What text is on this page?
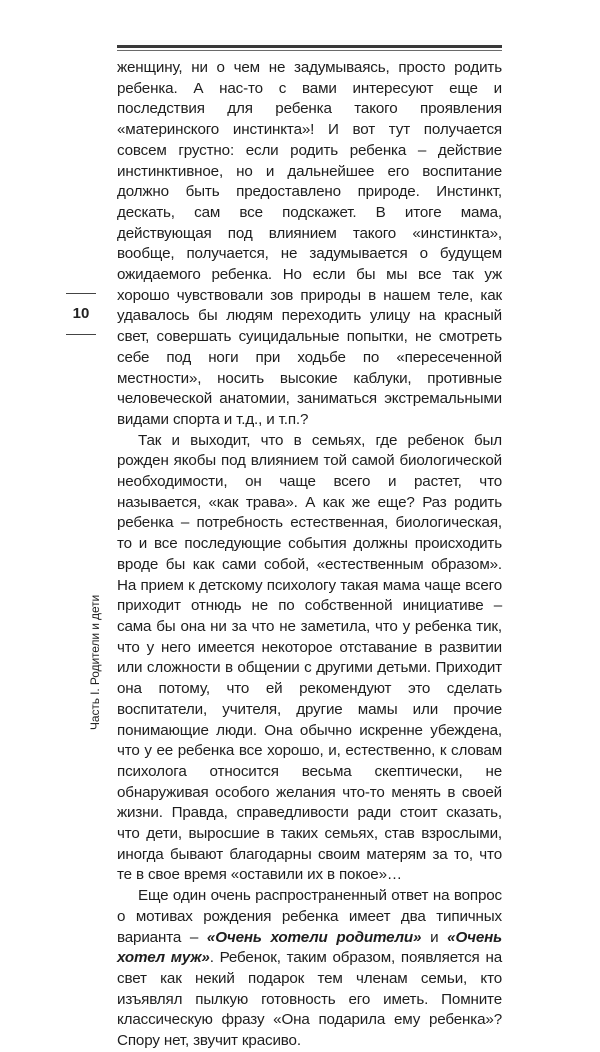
женщину, ни о чем не задумываясь, просто родить ребенка. А нас-то с вами интересуют еще и последствия для ребенка такого проявления «материнского инстинкта»! И вот тут получается совсем грустно: если родить ребенка – действие инстинктивное, но и дальнейшее его воспитание должно быть предоставлено природе. Инстинкт, дескать, сам все подскажет. В итоге мама, действующая под влиянием такого «инстинкта», вообще, получается, не задумывается о будущем ожидаемого ребенка. Но если бы мы все так уж хорошо чувствовали зов природы в нашем теле, как удавалось бы людям переходить улицу на красный свет, совершать суицидальные попытки, не смотреть себе под ноги при ходьбе по «пересеченной местности», носить высокие каблуки, противные человеческой анатомии, заниматься экстремальными видами спорта и т.д., и т.п.?

Так и выходит, что в семьях, где ребенок был рожден якобы под влиянием той самой биологической необходимости, он чаще всего и растет, что называется, «как трава». А как же еще? Раз родить ребенка – потребность естественная, биологическая, то и все последующие события должны происходить вроде бы как сами собой, «естественным образом». На прием к детскому психологу такая мама чаще всего приходит отнюдь не по собственной инициативе – сама бы она ни за что не заметила, что у ребенка тик, что у него имеется некоторое отставание в развитии или сложности в общении с другими детьми. Приходит она потому, что ей рекомендуют это сделать воспитатели, учителя, другие мамы или прочие понимающие люди. Она обычно искренне убеждена, что у ее ребенка все хорошо, и, естественно, к словам психолога относится весьма скептически, не обнаруживая особого желания что-то менять в своей жизни. Правда, справедливости ради стоит сказать, что дети, выросшие в таких семьях, став взрослыми, иногда бывают благодарны своим матерям за то, что те в свое время «оставили их в покое»…

Еще один очень распространенный ответ на вопрос о мотивах рождения ребенка имеет два типичных варианта – «Очень хотели родители» и «Очень хотел муж». Ребенок, таким образом, появляется на свет как некий подарок тем членам семьи, кто изъявлял пылкую готовность его иметь. Помните классическую фразу «Она подарила ему ребенка»? Спору нет, звучит красиво.

10
Часть I. Родители и дети
